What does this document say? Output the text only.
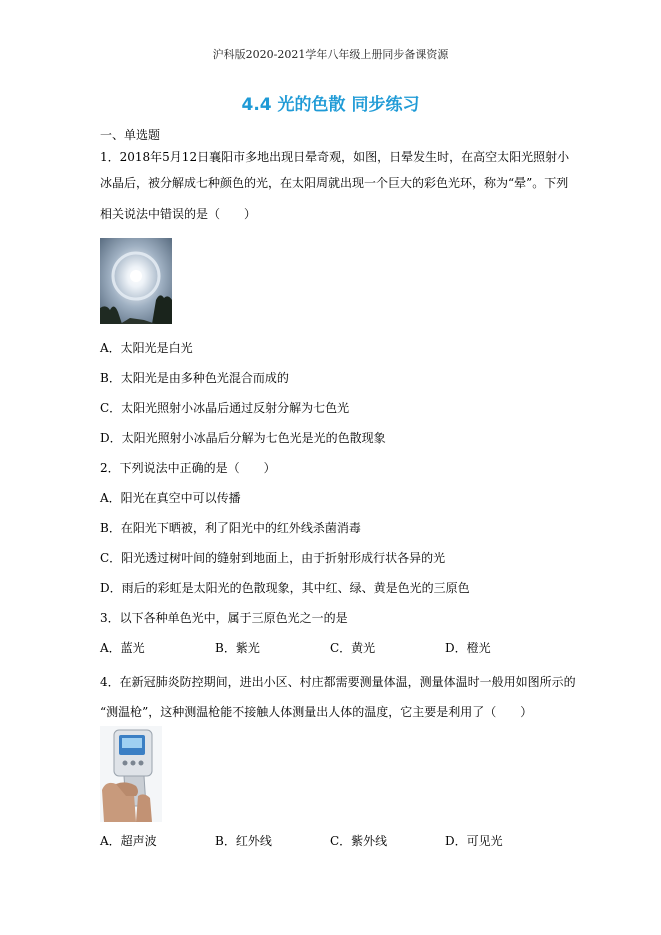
沪科版2020-2021学年八年级上册同步备课资源
4.4 光的色散 同步练习
一、单选题
1．2018年5月12日襄阳市多地出现日晕奇观，如图，日晕发生时，在高空太阳光照射小
冰晶后，被分解成七种颜色的光，在太阳周就出现一个巨大的彩色光环，称为“晕”。下列
相关说法中错误的是（　　）
A．太阳光是白光
B．太阳光是由多种色光混合而成的
C．太阳光照射小冰晶后通过反射分解为七色光
D．太阳光照射小冰晶后分解为七色光是光的色散现象
2．下列说法中正确的是（　　）
A．阳光在真空中可以传播
B．在阳光下晒被，利了阳光中的红外线杀菌消毒
C．阳光透过树叶间的缝射到地面上，由于折射形成行状各异的光
D．雨后的彩虹是太阳光的色散现象，其中红、绿、黄是色光的三原色
3．以下各种单色光中，属于三原色光之一的是
A．蓝光	B．紫光	C．黄光	D．橙光
4．在新冠肺炎防控期间，进出小区、村庄都需要测量体温，测量体温时一般用如图所示的
“测温枪”，这种测温枪能不接触人体测量出人体的温度，它主要是利用了（　　）
A．超声波	B．红外线	C．紫外线	D．可见光
